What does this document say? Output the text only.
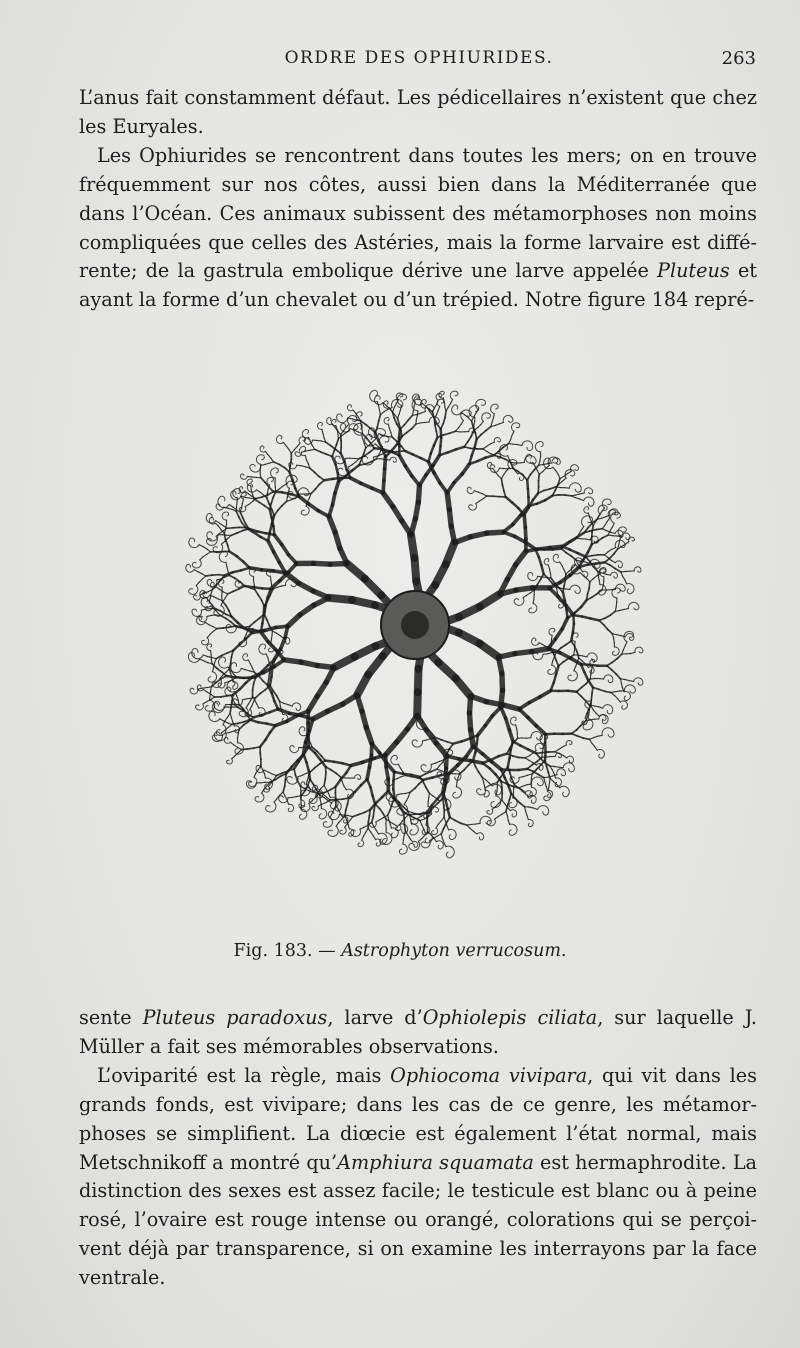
ORDRE DES OPHIURIDES.	263

L’anus fait constamment défaut. Les pédicellaires n’existent que chez les Euryales.

Les Ophiurides se rencontrent dans toutes les mers; on en trouve fréquemment sur nos côtes, aussi bien dans la Méditerranée que dans l’Océan. Ces animaux subissent des métamorphoses non moins compliquées que celles des Astéries, mais la forme larvaire est différente; de la gastrula embolique dérive une larve appelée Pluteus et ayant la forme d’un chevalet ou d’un trépied. Notre figure 184 repré-

Fig. 183. — Astrophyton verrucosum.

sente Pluteus paradoxus, larve d’Ophiolepis ciliata, sur laquelle J. Müller a fait ses mémorables observations.

L’oviparité est la règle, mais Ophiocoma vivipara, qui vit dans les grands fonds, est vivipare; dans les cas de ce genre, les métamorphoses se simplifient. La diœcie est également l’état normal, mais Metschnikoff a montré qu’Amphiura squamata est hermaphrodite. La distinction des sexes est assez facile; le testicule est blanc ou à peine rosé, l’ovaire est rouge intense ou orangé, colorations qui se perçoivent déjà par transparence, si on examine les interrayons par la face ventrale.
